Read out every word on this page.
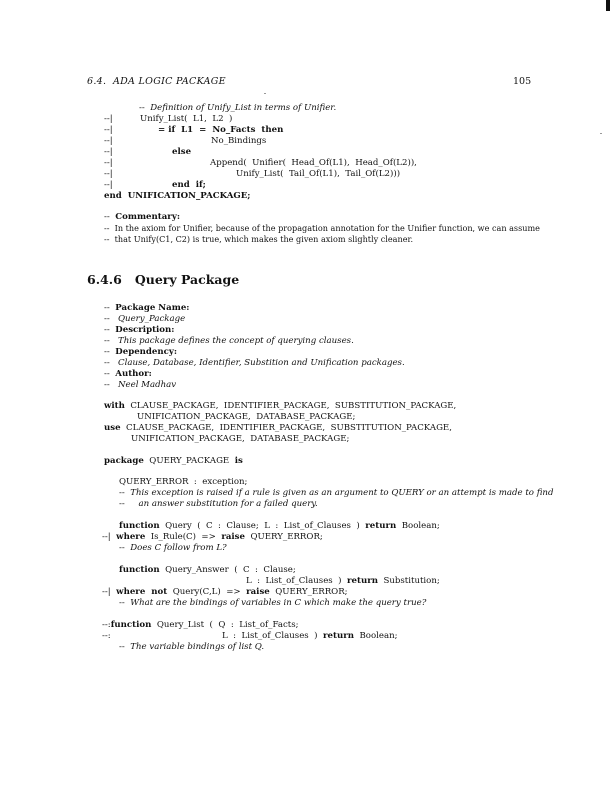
6.4.  ADA LOGIC PACKAGE	105
-- Definition of Unify_List in terms of Unifier.
--|	Unify_List(  L1,  L2  )
--|	= if  L1  =  No_Facts  then
--|	No_Bindings
--|	else
--|	Append(  Unifier(  Head_Of(L1),  Head_Of(L2)),
--|	Unify_List(  Tail_Of(L1),  Tail_Of(L2)))
--|	end  if;
end  UNIFICATION_PACKAGE;
-- Commentary:
-- In the axiom for Unifier, because of the propagation annotation for the Unifier function, we can assume
-- that Unify(C1, C2) is true, which makes the given axiom slightly cleaner.
6.4.6 Query Package
-- Package Name:
-- Query_Package
-- Description:
-- This package defines the concept of querying clauses.
-- Dependency:
-- Clause, Database, Identifier, Substition and Unification packages.
-- Author:
-- Neel Madhav
with CLAUSE_PACKAGE,  IDENTIFIER_PACKAGE,  SUBSTITUTION_PACKAGE,
UNIFICATION_PACKAGE,  DATABASE_PACKAGE;
use CLAUSE_PACKAGE,  IDENTIFIER_PACKAGE,  SUBSTITUTION_PACKAGE,
UNIFICATION_PACKAGE,  DATABASE_PACKAGE;
package QUERY_PACKAGE is
QUERY_ERROR  :  exception;
-- This exception is raised if a rule is given as an argument to QUERY or an attempt is made to find
-- an answer substitution for a failed query.
function Query  (  C  :  Clause;  L  :  List_of_Clauses  ) return Boolean;
--| where Is_Rule(C)  => raise QUERY_ERROR;
-- Does C follow from L?
function Query_Answer  (  C  :  Clause;
L  :  List_of_Clauses  ) return Substitution;
--| where  not Query(C,L)  => raise QUERY_ERROR;
-- What are the bindings of variables in C which make the query true?
--:function Query_List  (  Q  :  List_of_Facts;
--:	L  :  List_of_Clauses  ) return Boolean;
-- The variable bindings of list Q.
